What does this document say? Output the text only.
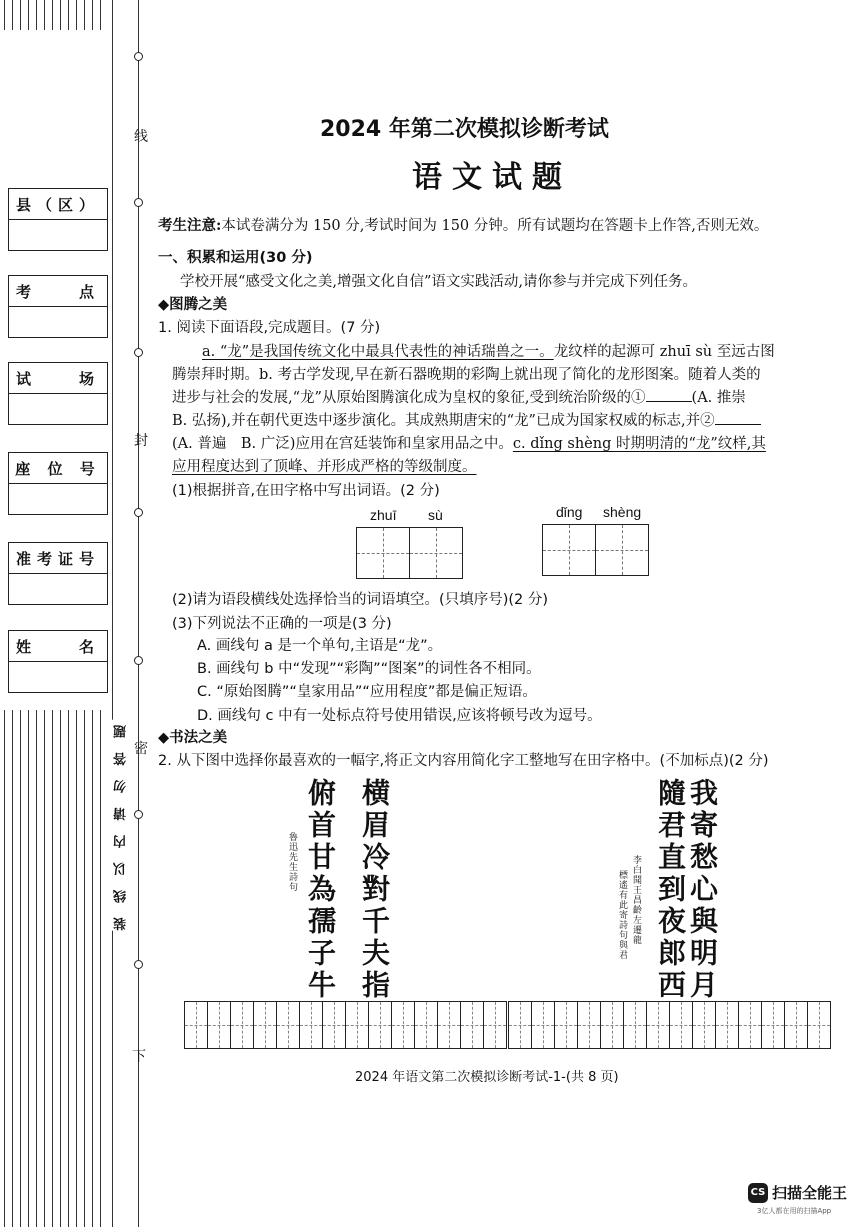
县（区）
考　　点
试　　场
座 位 号
准考证号
姓　　名
线
封
密
下
装 线 以 内 请 勿 答 题
2024 年第二次模拟诊断考试
语文试题
考生注意:本试卷满分为 150 分,考试时间为 150 分钟。所有试题均在答题卡上作答,否则无效。
一、积累和运用(30 分)
学校开展“感受文化之美,增强文化自信”语文实践活动,请你参与并完成下列任务。
◆图腾之美
1. 阅读下面语段,完成题目。(7 分)
a. “龙”是我国传统文化中最具代表性的神话瑞兽之一。龙纹样的起源可 zhuī sù 至远古图
腾崇拜时期。b. 考古学发现,早在新石器晚期的彩陶上就出现了简化的龙形图案。随着人类的
进步与社会的发展,“龙”从原始图腾演化成为皇权的象征,受到统治阶级的①	(A. 推崇
B. 弘扬),并在朝代更迭中逐步演化。其成熟期唐宋的“龙”已成为国家权威的标志,并②
(A. 普遍　B. 广泛)应用在宫廷装饰和皇家用品之中。c. dǐng shèng 时期明清的“龙”纹样,其
应用程度达到了顶峰、并形成严格的等级制度。
(1)根据拼音,在田字格中写出词语。(2 分)
zhuī sù	dǐng shèng
(2)请为语段横线处选择恰当的词语填空。(只填序号)(2 分)
(3)下列说法不正确的一项是(3 分)
A. 画线句 a 是一个单句,主语是“龙”。
B. 画线句 b 中“发现”“彩陶”“图案”的词性各不相同。
C. “原始图腾”“皇家用品”“应用程度”都是偏正短语。
D. 画线句 c 中有一处标点符号使用错误,应该将顿号改为逗号。
◆书法之美
2. 从下图中选择你最喜欢的一幅字,将正文内容用简化字工整地写在田字格中。(不加标点)(2 分)
横眉冷對千夫指
俯首甘為孺子牛
魯迅先生詩句	我寄愁心與明月
隨君直到夜郎西
李白聞王昌齡左遷龍
標遙有此寄詩句與君
2024 年语文第二次模拟诊断考试-1-(共 8 页)
CS 扫描全能王
3亿人都在用的扫描App
